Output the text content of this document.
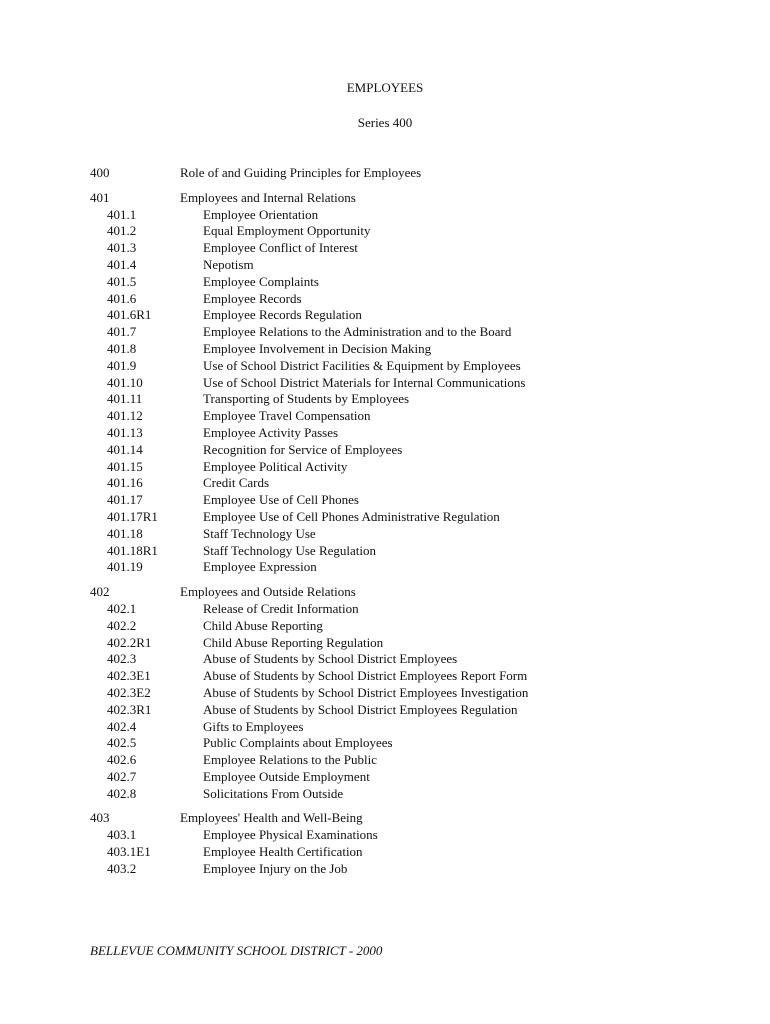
EMPLOYEES
Series 400
400	Role of and Guiding Principles for Employees
401	Employees and Internal Relations
401.1	Employee Orientation
401.2	Equal Employment Opportunity
401.3	Employee Conflict of Interest
401.4	Nepotism
401.5	Employee Complaints
401.6	Employee Records
401.6R1	Employee Records Regulation
401.7	Employee Relations to the Administration and to the Board
401.8	Employee Involvement in Decision Making
401.9	Use of School District Facilities & Equipment by Employees
401.10	Use of School District Materials for Internal Communications
401.11	Transporting of Students by Employees
401.12	Employee Travel Compensation
401.13	Employee Activity Passes
401.14	Recognition for Service of Employees
401.15	Employee Political Activity
401.16	Credit Cards
401.17	Employee Use of Cell Phones
401.17R1	Employee Use of Cell Phones Administrative Regulation
401.18	Staff Technology Use
401.18R1	Staff Technology Use Regulation
401.19	Employee Expression
402	Employees and Outside Relations
402.1	Release of Credit Information
402.2	Child Abuse Reporting
402.2R1	Child Abuse Reporting Regulation
402.3	Abuse of Students by School District Employees
402.3E1	Abuse of Students by School District Employees Report Form
402.3E2	Abuse of Students by School District Employees Investigation
402.3R1	Abuse of Students by School District Employees Regulation
402.4	Gifts to Employees
402.5	Public Complaints about Employees
402.6	Employee Relations to the Public
402.7	Employee Outside Employment
402.8	Solicitations From Outside
403	Employees' Health and Well-Being
403.1	Employee Physical Examinations
403.1E1	Employee Health Certification
403.2	Employee Injury on the Job
BELLEVUE COMMUNITY SCHOOL DISTRICT - 2000
